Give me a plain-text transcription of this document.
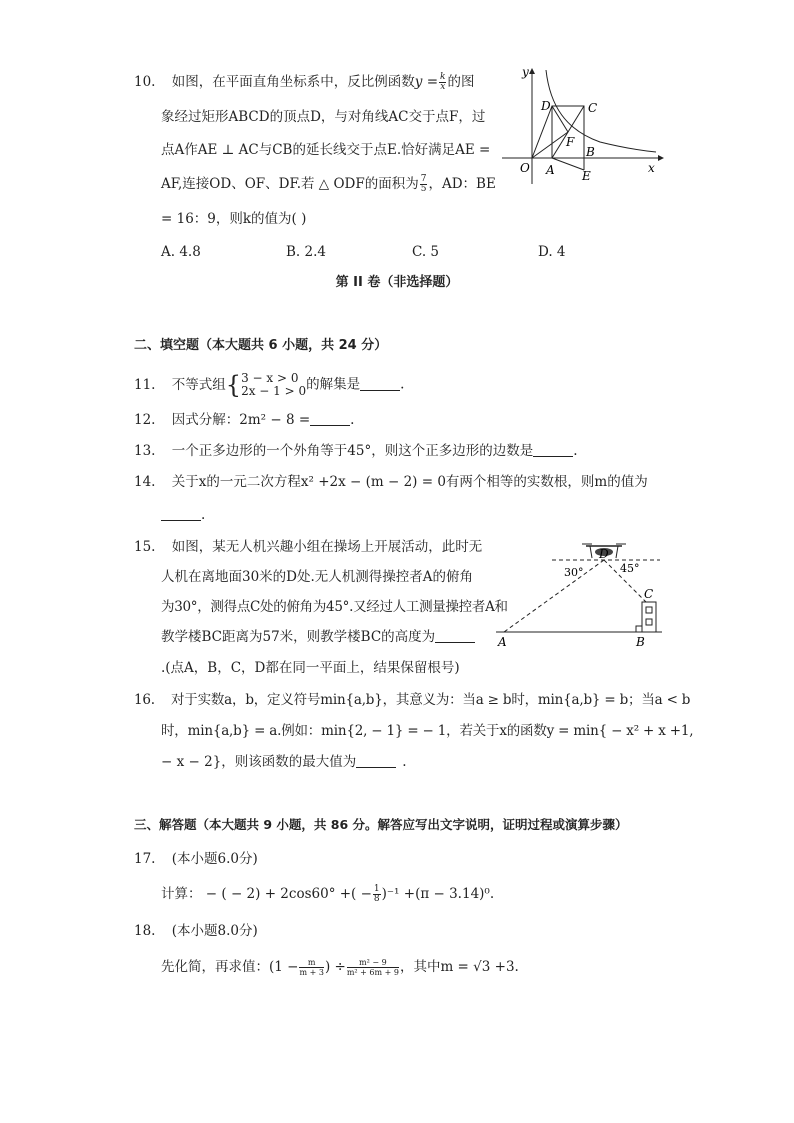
10. 如图，在平面直角坐标系中，反比例函数$y = \frac{k}{x}$ 的图
象经过矩形ABCD的顶点D，与对角线AC交于点F，过
点A作AE ⊥ AC与CB的延长线交于点E.恰好满足AE =
AF,连接OD、OF、DF.若 △ ODF的面积为 $\frac{7}{5}$ ，AD：BE
= 16：9，则k的值为( )
A. 4.8	B. 2.4	C. 5	D. 4
y
x
O A
B
C
D
E
F
第 II 卷（非选择题）
二、填空题（本大题共 6 小题，共 24 分）
11. 不等式组{ 3 − x > 0
2x − 1 > 0 的解集是	.
12. 因式分解：2m² − 8 =	.
13. 一个正多边形的一个外角等于45°，则这个正多边形的边数是	.
14. 关于x的一元二次方程x² +2x − (m − 2) = 0有两个相等的实数根，则m的值为
.
15. 如图，某无人机兴趣小组在操场上开展活动，此时无
人机在离地面30米的D处.无人机测得操控者A的俯角
为30°，测得点C处的俯角为45°.又经过人工测量操控者A和
教学楼BC距离为57米，则教学楼BC的高度为
.(点A，B，C，D都在同一平面上，结果保留根号)
D
30°	45°
C
A	B
16. 对于实数a，b，定义符号min{a,b}，其意义为：当a ≥ b时，min{a,b} = b；当a < b
时，min{a,b} = a.例如：min{2, − 1} = − 1，若关于x的函数y = min{ − x² + x +1,
− x − 2}，则该函数的最大值为	.
三、解答题（本大题共 9 小题，共 86 分。解答应写出文字说明，证明过程或演算步骤）
17. (本小题6.0分)
计算： − ( − 2) + 2cos60° +( − $\frac{1}{8} )^{-1} +(\pi - 3.14)^0$.
18. (本小题8.0分)
先化简，再求值：($1 - \frac{m}{m + 3}$ ) ÷ $\frac{\text{m² − 9}}{\text{m² + 6m + 9}}$ ，其中m = √3 +3.
